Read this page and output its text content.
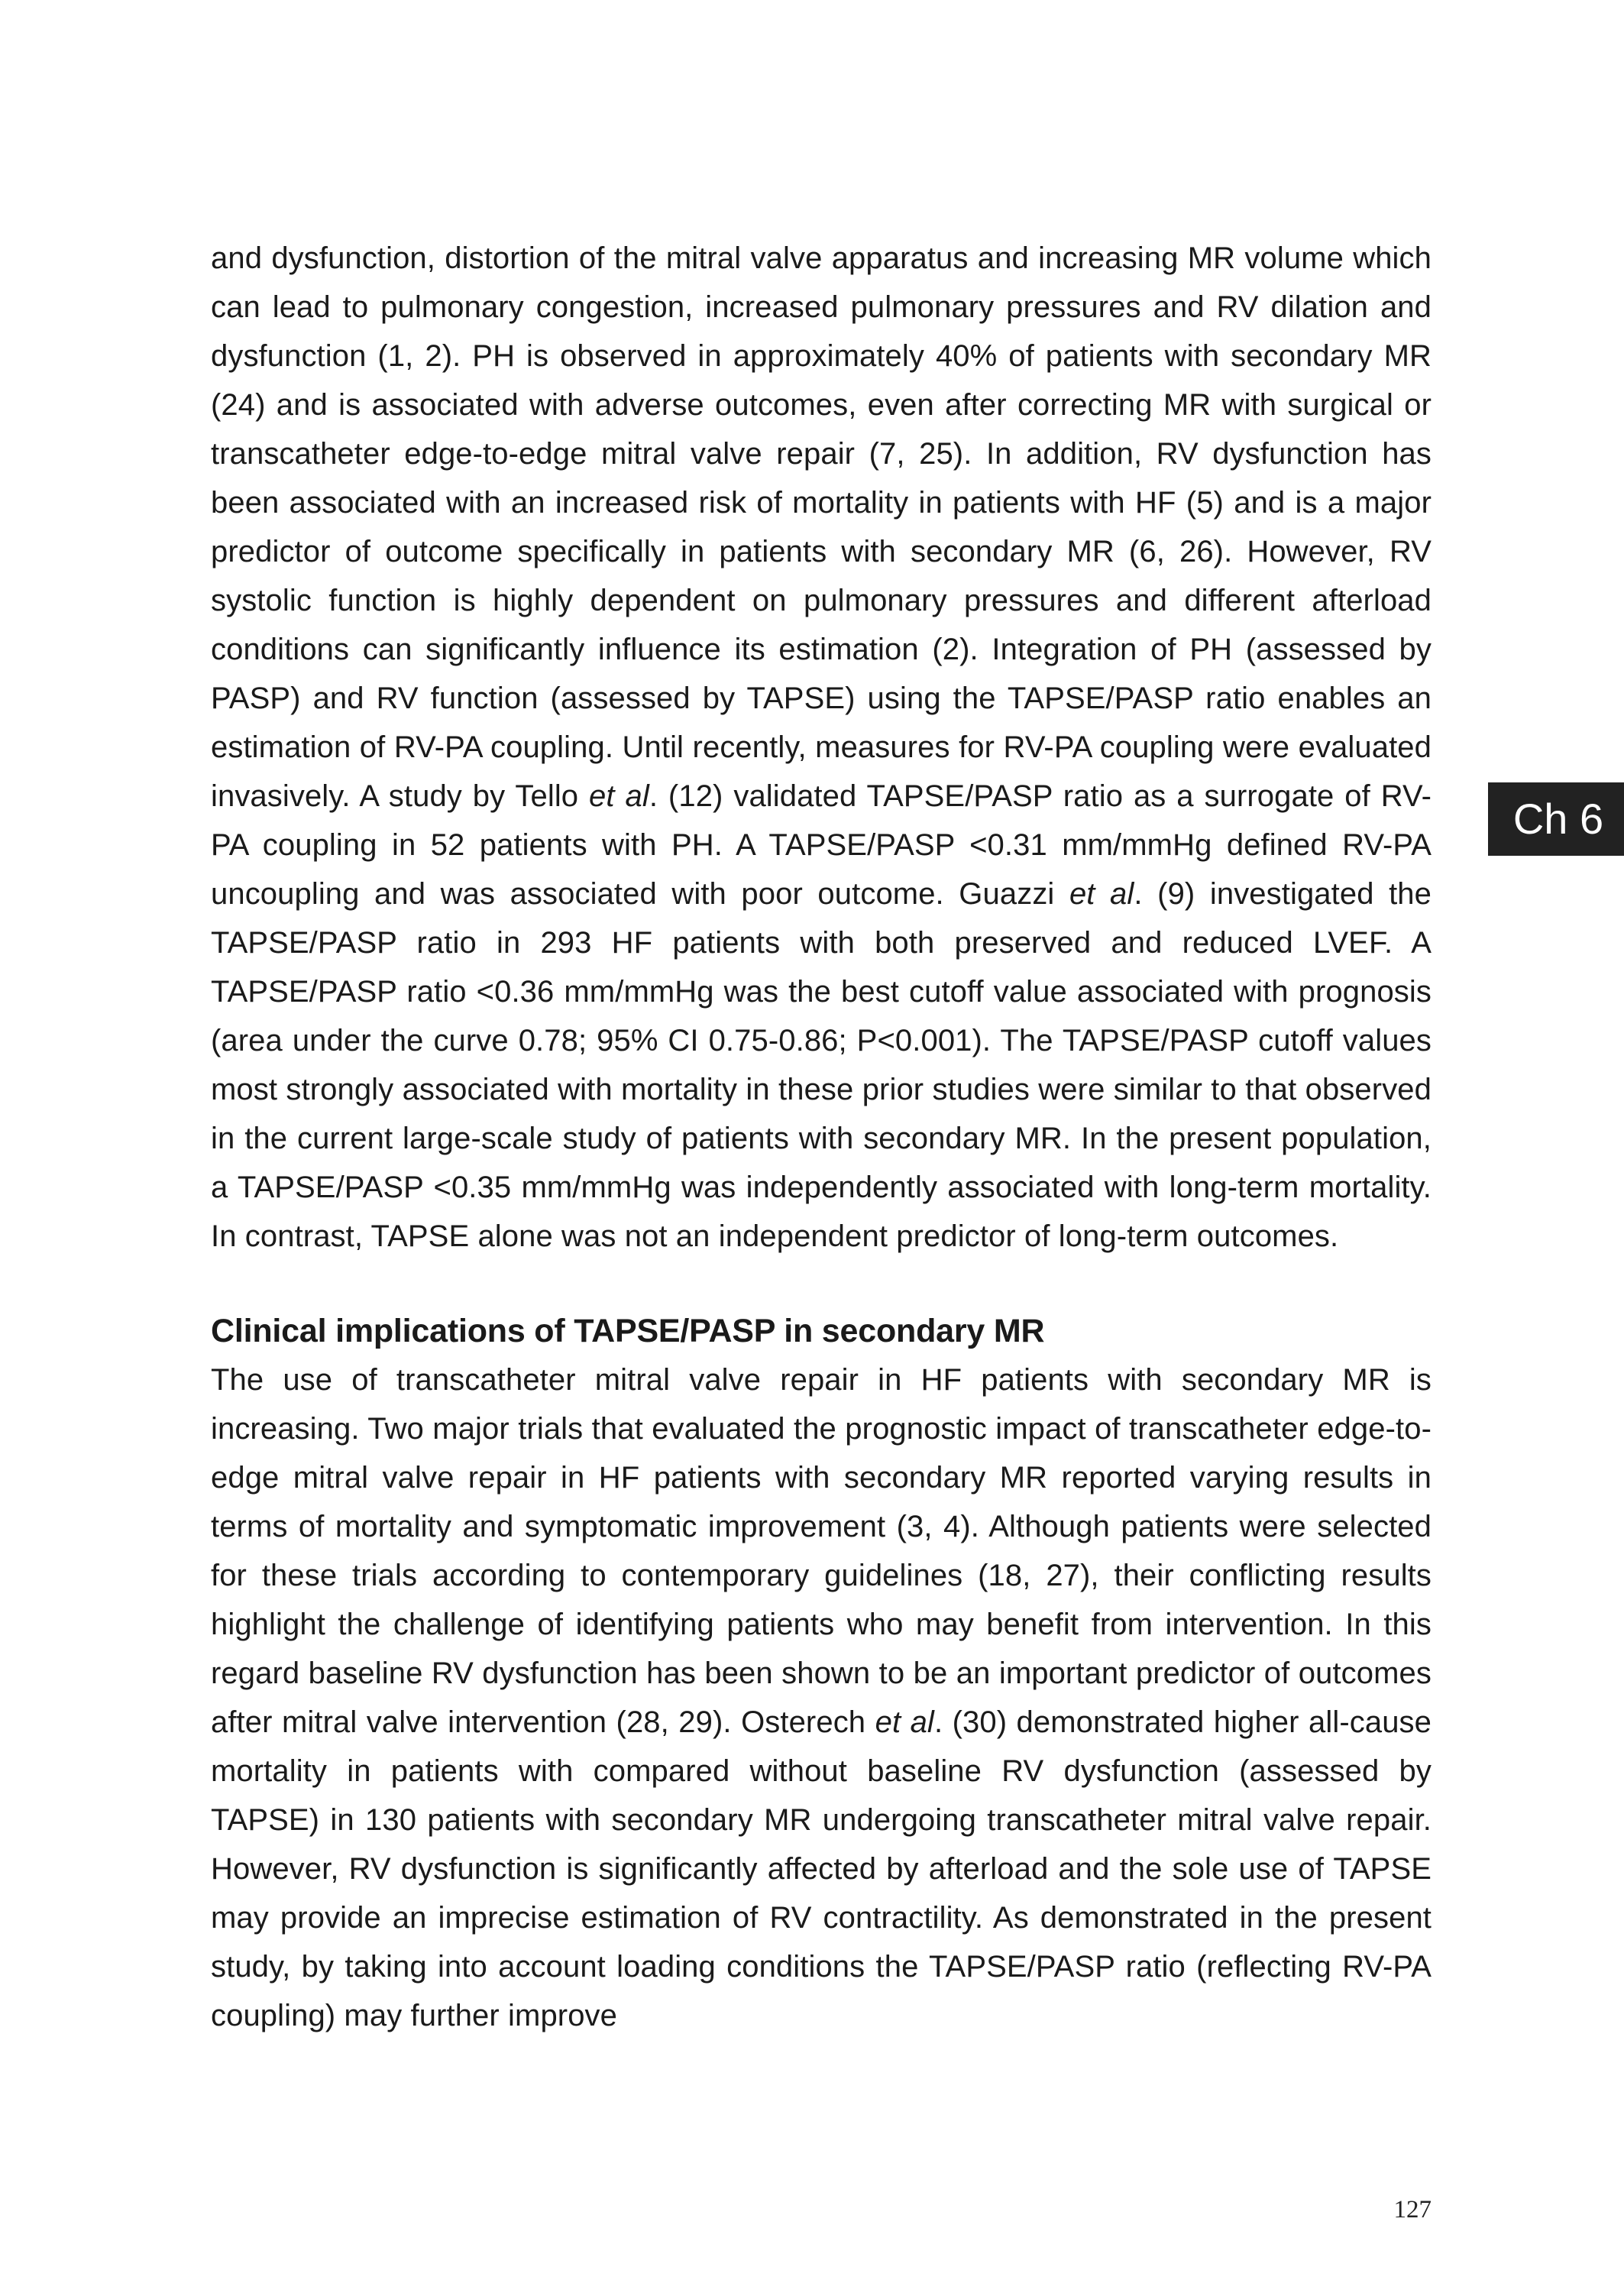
and dysfunction, distortion of the mitral valve apparatus and increasing MR volume which can lead to pulmonary congestion, increased pulmonary pressures and RV dilation and dysfunction (1, 2). PH is observed in approximately 40% of patients with secondary MR (24) and is associated with adverse outcomes, even after correcting MR with surgical or transcatheter edge-to-edge mitral valve repair (7, 25). In addition, RV dysfunction has been associated with an increased risk of mortality in patients with HF (5) and is a major predictor of outcome specifically in patients with secondary MR (6, 26). However, RV systolic function is highly dependent on pulmonary pressures and different afterload conditions can significantly influence its estimation (2). Integration of PH (assessed by PASP) and RV function (assessed by TAPSE) using the TAPSE/PASP ratio enables an estimation of RV-PA coupling. Until recently, measures for RV-PA coupling were evaluated invasively. A study by Tello et al. (12) validated TAPSE/PASP ratio as a surrogate of RV-PA coupling in 52 patients with PH. A TAPSE/PASP <0.31 mm/mmHg defined RV-PA uncoupling and was associated with poor outcome. Guazzi et al. (9) investigated the TAPSE/PASP ratio in 293 HF patients with both preserved and reduced LVEF. A TAPSE/PASP ratio <0.36 mm/mmHg was the best cutoff value associated with prognosis (area under the curve 0.78; 95% CI 0.75-0.86; P<0.001). The TAPSE/PASP cutoff values most strongly associated with mortality in these prior studies were similar to that observed in the current large-scale study of patients with secondary MR. In the present population, a TAPSE/PASP <0.35 mm/mmHg was independently associated with long-term mortality. In contrast, TAPSE alone was not an independent predictor of long-term outcomes.

Clinical implications of TAPSE/PASP in secondary MR

The use of transcatheter mitral valve repair in HF patients with secondary MR is increasing. Two major trials that evaluated the prognostic impact of transcatheter edge-to-edge mitral valve repair in HF patients with secondary MR reported varying results in terms of mortality and symptomatic improvement (3, 4). Although patients were selected for these trials according to contemporary guidelines (18, 27), their conflicting results highlight the challenge of identifying patients who may benefit from intervention. In this regard baseline RV dysfunction has been shown to be an important predictor of outcomes after mitral valve intervention (28, 29). Osterech et al. (30) demonstrated higher all-cause mortality in patients with compared without baseline RV dysfunction (assessed by TAPSE) in 130 patients with secondary MR undergoing transcatheter mitral valve repair. However, RV dysfunction is significantly affected by afterload and the sole use of TAPSE may provide an imprecise estimation of RV contractility. As demonstrated in the present study, by taking into account loading conditions the TAPSE/PASP ratio (reflecting RV-PA coupling) may further improve

Ch 6
127
